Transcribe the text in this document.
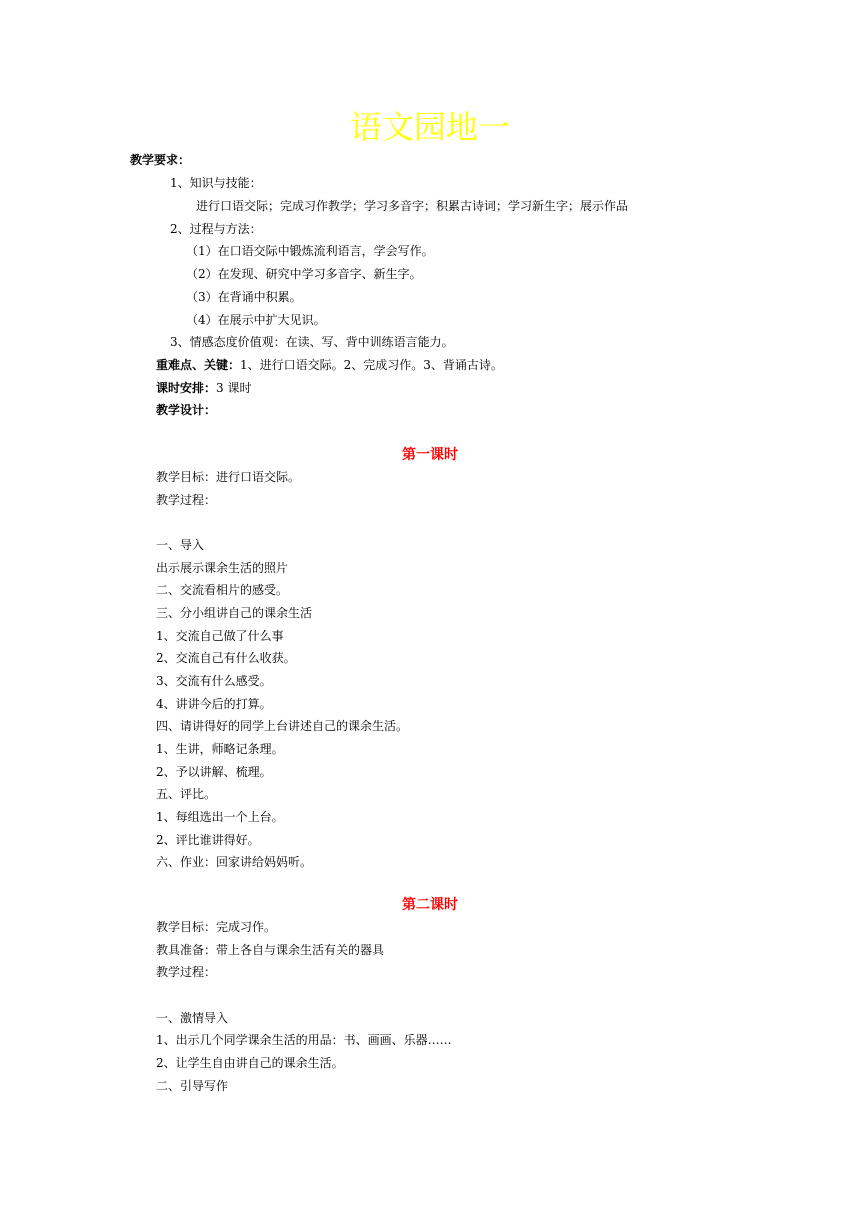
语文园地一
教学要求：
1、知识与技能：
进行口语交际；完成习作教学；学习多音字；积累古诗词；学习新生字；展示作品
2、过程与方法：
（1）在口语交际中锻炼流利语言，学会写作。
（2）在发现、研究中学习多音字、新生字。
（3）在背诵中积累。
（4）在展示中扩大见识。
3、情感态度价值观：在读、写、背中训练语言能力。
重难点、关键：1、进行口语交际。2、完成习作。3、背诵古诗。
课时安排：3 课时
教学设计：
第一课时
教学目标：进行口语交际。
教学过程：
一、导入
出示展示课余生活的照片
二、交流看相片的感受。
三、分小组讲自己的课余生活
1、交流自己做了什么事
2、交流自己有什么收获。
3、交流有什么感受。
4、讲讲今后的打算。
四、请讲得好的同学上台讲述自己的课余生活。
1、生讲，师略记条理。
2、予以讲解、梳理。
五、评比。
1、每组选出一个上台。
2、评比谁讲得好。
六、作业：回家讲给妈妈听。
第二课时
教学目标：完成习作。
教具准备：带上各自与课余生活有关的器具
教学过程：
一、激情导入
1、出示几个同学课余生活的用品：书、画画、乐器……
2、让学生自由讲自己的课余生活。
二、引导写作
